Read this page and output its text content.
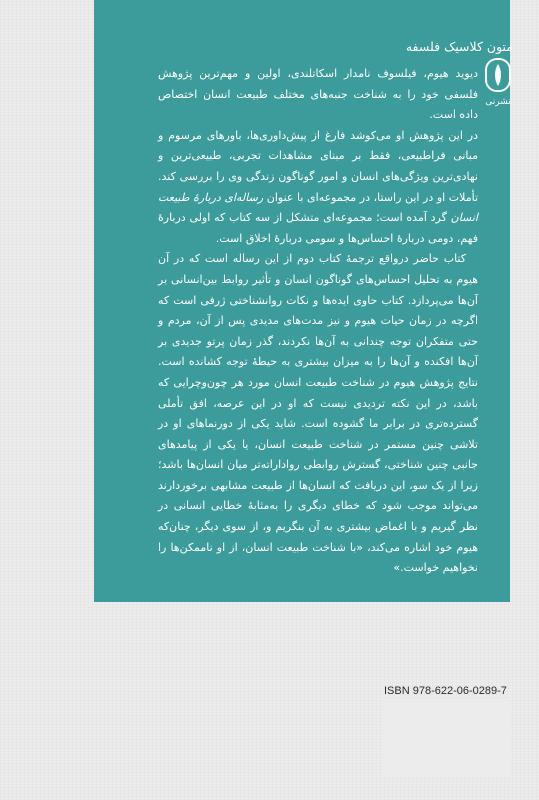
متون کلاسیک فلسفه
نشرنی

دیوید هیوم، فیلسوف نامدار اسکاتلندی، اولین و مهم‌ترین پژوهش فلسفی خود را به شناخت جنبه‌های مختلف طبیعت انسان اختصاص داده است.

در این پژوهش او می‌کوشد فارغ از پیش‌داوری‌ها، باورهای مرسوم و مبانی فراطبیعی، فقط بر مبنای مشاهدات تجربی، طبیعی‌ترین و نهادی‌ترین ویژگی‌های انسان و امور گوناگون زندگی وی را بررسی کند. تأملات او در این راستا، در مجموعه‌ای با عنوان رساله‌ای دربارهٔ طبیعت انسان گرد آمده است؛ مجموعه‌ای متشکل از سه کتاب که اولی دربارهٔ فهم، دومی دربارهٔ احساس‌ها و سومی دربارهٔ اخلاق است.

کتاب حاضر درواقع ترجمهٔ کتاب دوم از این رساله است که در آن هیوم به تحلیل احساس‌های گوناگون انسان و تأثیر روابط بین‌انسانی بر آن‌ها می‌پردازد. کتاب حاوی ایده‌ها و نکات روانشناختی ژرفی است که اگرچه در زمان حیات هیوم و نیز مدت‌های مدیدی پس از آن، مردم و حتی متفکران توجه چندانی به آن‌ها نکردند، گذر زمان پرتو جدیدی بر آن‌ها افکنده و آن‌ها را به میزان بیشتری به حیطهٔ توجه کشانده است. نتایج پژوهش هیوم در شناخت طبیعت انسان مورد هر چون‌وچرایی که باشد، در این نکته تردیدی نیست که او در این عرصه، افق تأملی گسترده‌تری در برابر ما گشوده است. شاید یکی از دورنماهای او در تلاشی چنین مستمر در شناخت طبیعت انسان، یا یکی از پیامدهای جانبی چنین شناختی، گسترش روابطی رواداراته‌تر میان انسان‌ها باشد؛ زیرا از یک سو، این دریافت که انسان‌ها از طبیعت مشابهی برخوردارند می‌تواند موجب شود که خطای دیگری را به‌مثابهٔ خطایی انسانی در نظر گیریم و با اغماض بیشتری به آن بنگریم و، از سوی دیگر، چنان‌که هیوم خود اشاره می‌کند، «با شناخت طبیعت انسان، از او ناممکن‌ها را نخواهیم خواست.»

ISBN 978-622-06-0289-7
